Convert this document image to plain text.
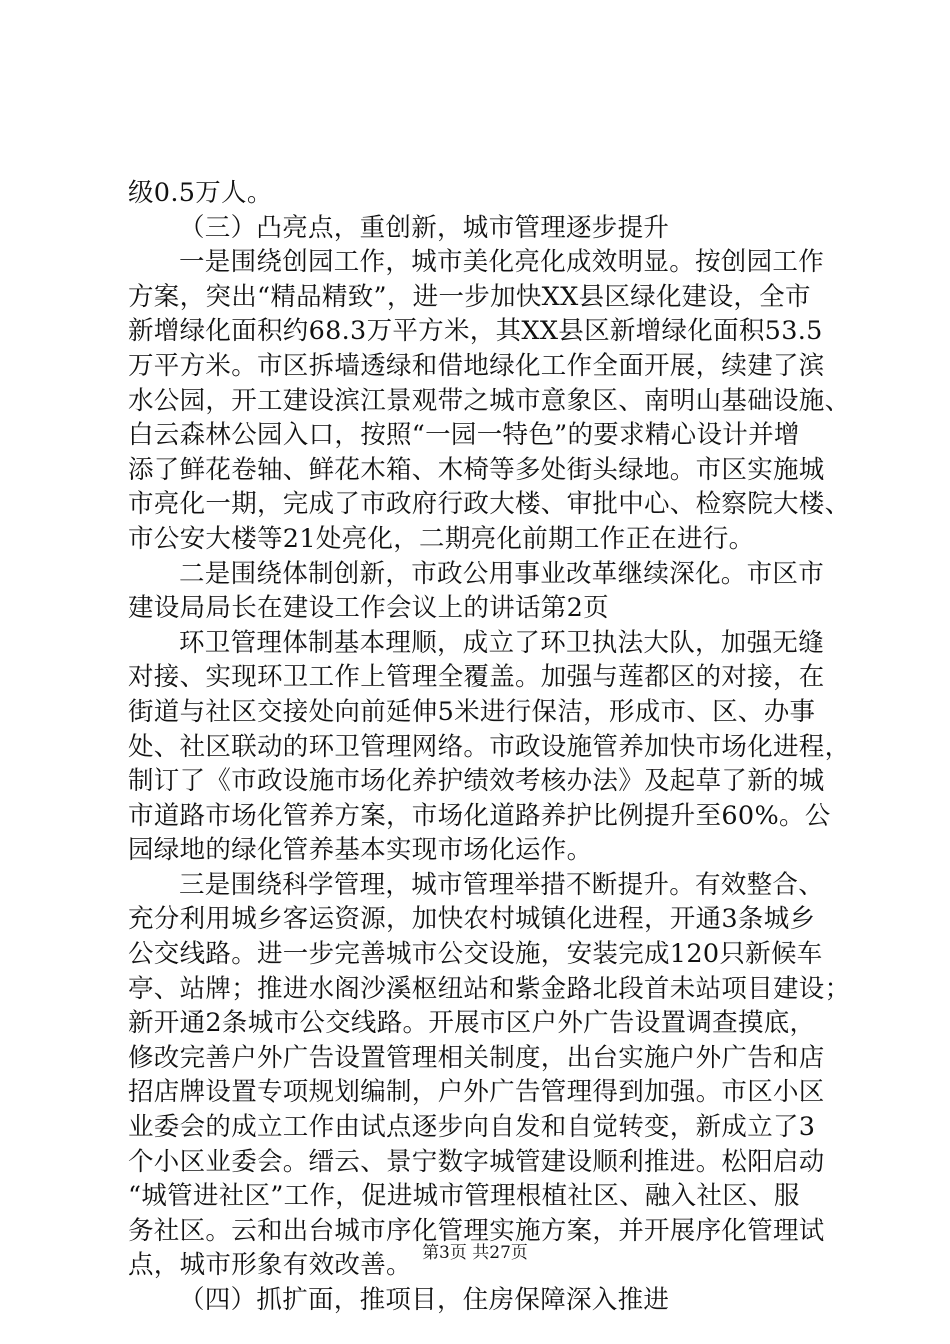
级0.5万人。
（三）凸亮点，重创新，城市管理逐步提升
一是围绕创园工作，城市美化亮化成效明显。按创园工作
方案，突出“精品精致”，进一步加快XX县区绿化建设，全市
新增绿化面积约68.3万平方米，其XX县区新增绿化面积53.5
万平方米。市区拆墙透绿和借地绿化工作全面开展，续建了滨
水公园，开工建设滨江景观带之城市意象区、南明山基础设施、
白云森林公园入口，按照“一园一特色”的要求精心设计并增
添了鲜花卷轴、鲜花木箱、木椅等多处街头绿地。市区实施城
市亮化一期，完成了市政府行政大楼、审批中心、检察院大楼、
市公安大楼等21处亮化，二期亮化前期工作正在进行。
二是围绕体制创新，市政公用事业改革继续深化。市区市
建设局局长在建设工作会议上的讲话第2页
环卫管理体制基本理顺，成立了环卫执法大队，加强无缝
对接、实现环卫工作上管理全覆盖。加强与莲都区的对接，在
街道与社区交接处向前延伸5米进行保洁，形成市、区、办事
处、社区联动的环卫管理网络。市政设施管养加快市场化进程，
制订了《市政设施市场化养护绩效考核办法》及起草了新的城
市道路市场化管养方案，市场化道路养护比例提升至60%。公
园绿地的绿化管养基本实现市场化运作。
三是围绕科学管理，城市管理举措不断提升。有效整合、
充分利用城乡客运资源，加快农村城镇化进程，开通3条城乡
公交线路。进一步完善城市公交设施，安装完成120只新候车
亭、站牌；推进水阁沙溪枢纽站和紫金路北段首未站项目建设；
新开通2条城市公交线路。开展市区户外广告设置调查摸底，
修改完善户外广告设置管理相关制度，出台实施户外广告和店
招店牌设置专项规划编制，户外广告管理得到加强。市区小区
业委会的成立工作由试点逐步向自发和自觉转变，新成立了3
个小区业委会。缙云、景宁数字城管建设顺利推进。松阳启动
“城管进社区”工作，促进城市管理根植社区、融入社区、服
务社区。云和出台城市序化管理实施方案，并开展序化管理试
点，城市形象有效改善。
（四）抓扩面，推项目，住房保障深入推进
第3页 共27页
